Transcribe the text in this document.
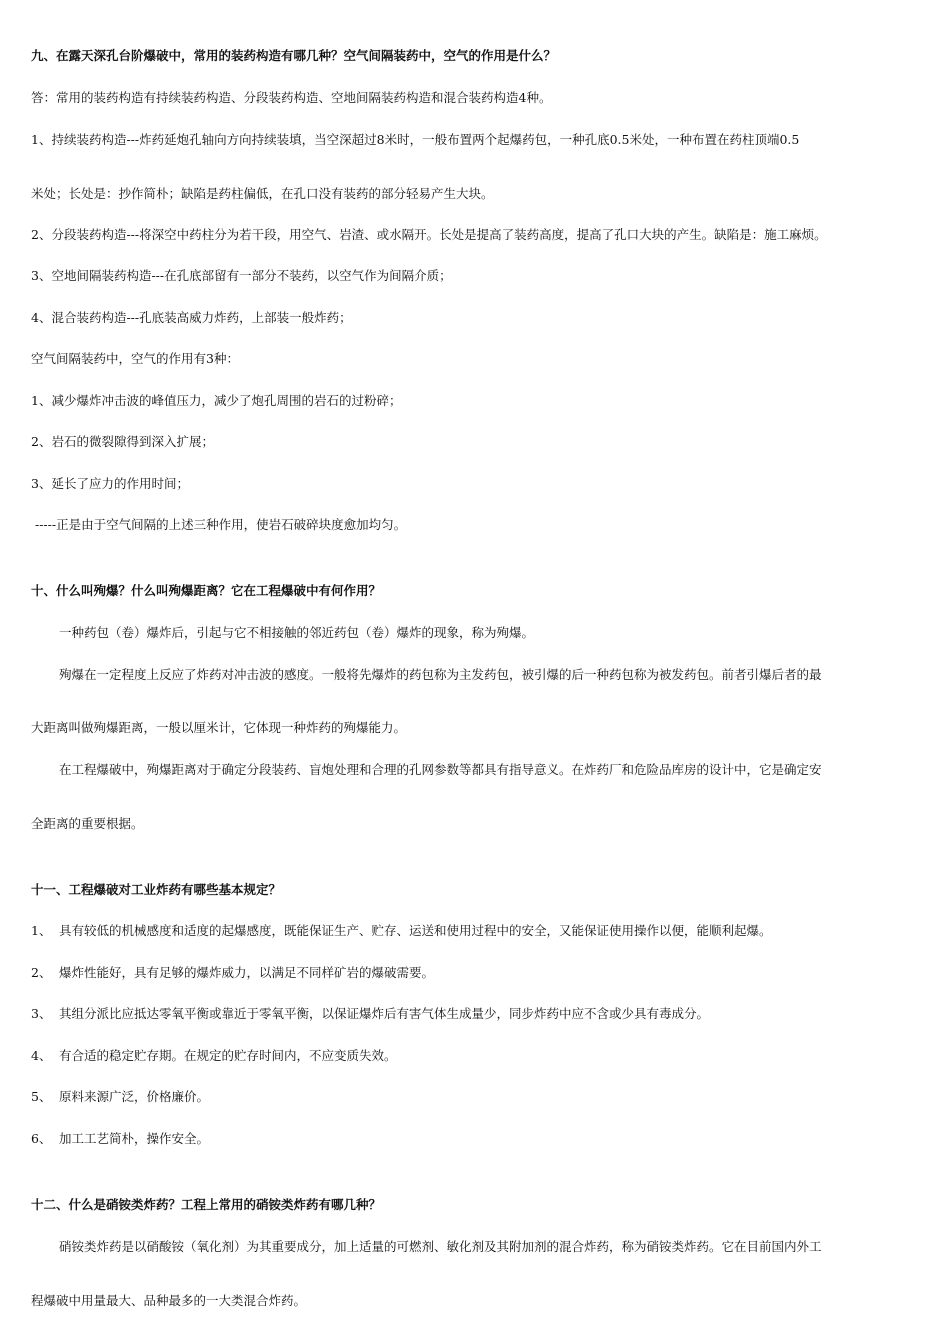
九、在露天深孔台阶爆破中，常用的装药构造有哪几种？空气间隔装药中，空气的作用是什么？
答：常用的装药构造有持续装药构造、分段装药构造、空地间隔装药构造和混合装药构造4种。
1、持续装药构造---炸药延炮孔轴向方向持续装填，当空深超过8米时，一般布置两个起爆药包，一种孔底0.5米处，一种布置在药柱顶端0.5
米处；长处是：抄作简朴；缺陷是药柱偏低，在孔口没有装药的部分轻易产生大块。
2、分段装药构造---将深空中药柱分为若干段，用空气、岩渣、或水隔开。长处是提高了装药高度，提高了孔口大块的产生。缺陷是：施工麻烦。
3、空地间隔装药构造---在孔底部留有一部分不装药，以空气作为间隔介质；
4、混合装药构造---孔底装高威力炸药，上部装一般炸药；
空气间隔装药中，空气的作用有3种：
1、减少爆炸冲击波的峰值压力，减少了炮孔周围的岩石的过粉碎；
2、岩石的微裂隙得到深入扩展；
3、延长了应力的作用时间；
-----正是由于空气间隔的上述三种作用，使岩石破碎块度愈加均匀。
十、什么叫殉爆？什么叫殉爆距离？它在工程爆破中有何作用？
一种药包（卷）爆炸后，引起与它不相接触的邻近药包（卷）爆炸的现象，称为殉爆。
殉爆在一定程度上反应了炸药对冲击波的感度。一般将先爆炸的药包称为主发药包，被引爆的后一种药包称为被发药包。前者引爆后者的最
大距离叫做殉爆距离，一般以厘米计，它体现一种炸药的殉爆能力。
在工程爆破中，殉爆距离对于确定分段装药、盲炮处理和合理的孔网参数等都具有指导意义。在炸药厂和危险品库房的设计中，它是确定安
全距离的重要根据。
十一、工程爆破对工业炸药有哪些基本规定？
1、 具有较低的机械感度和适度的起爆感度，既能保证生产、贮存、运送和使用过程中的安全，又能保证使用操作以便，能顺利起爆。
2、 爆炸性能好，具有足够的爆炸威力，以满足不同样矿岩的爆破需要。
3、 其组分派比应抵达零氧平衡或靠近于零氧平衡，以保证爆炸后有害气体生成量少，同步炸药中应不含或少具有毒成分。
4、 有合适的稳定贮存期。在规定的贮存时间内，不应变质失效。
5、 原料来源广泛，价格廉价。
6、 加工工艺简朴，操作安全。
十二、什么是硝铵类炸药？工程上常用的硝铵类炸药有哪几种？
硝铵类炸药是以硝酸铵（氧化剂）为其重要成分，加上适量的可燃剂、敏化剂及其附加剂的混合炸药，称为硝铵类炸药。它在目前国内外工
程爆破中用量最大、品种最多的一大类混合炸药。
